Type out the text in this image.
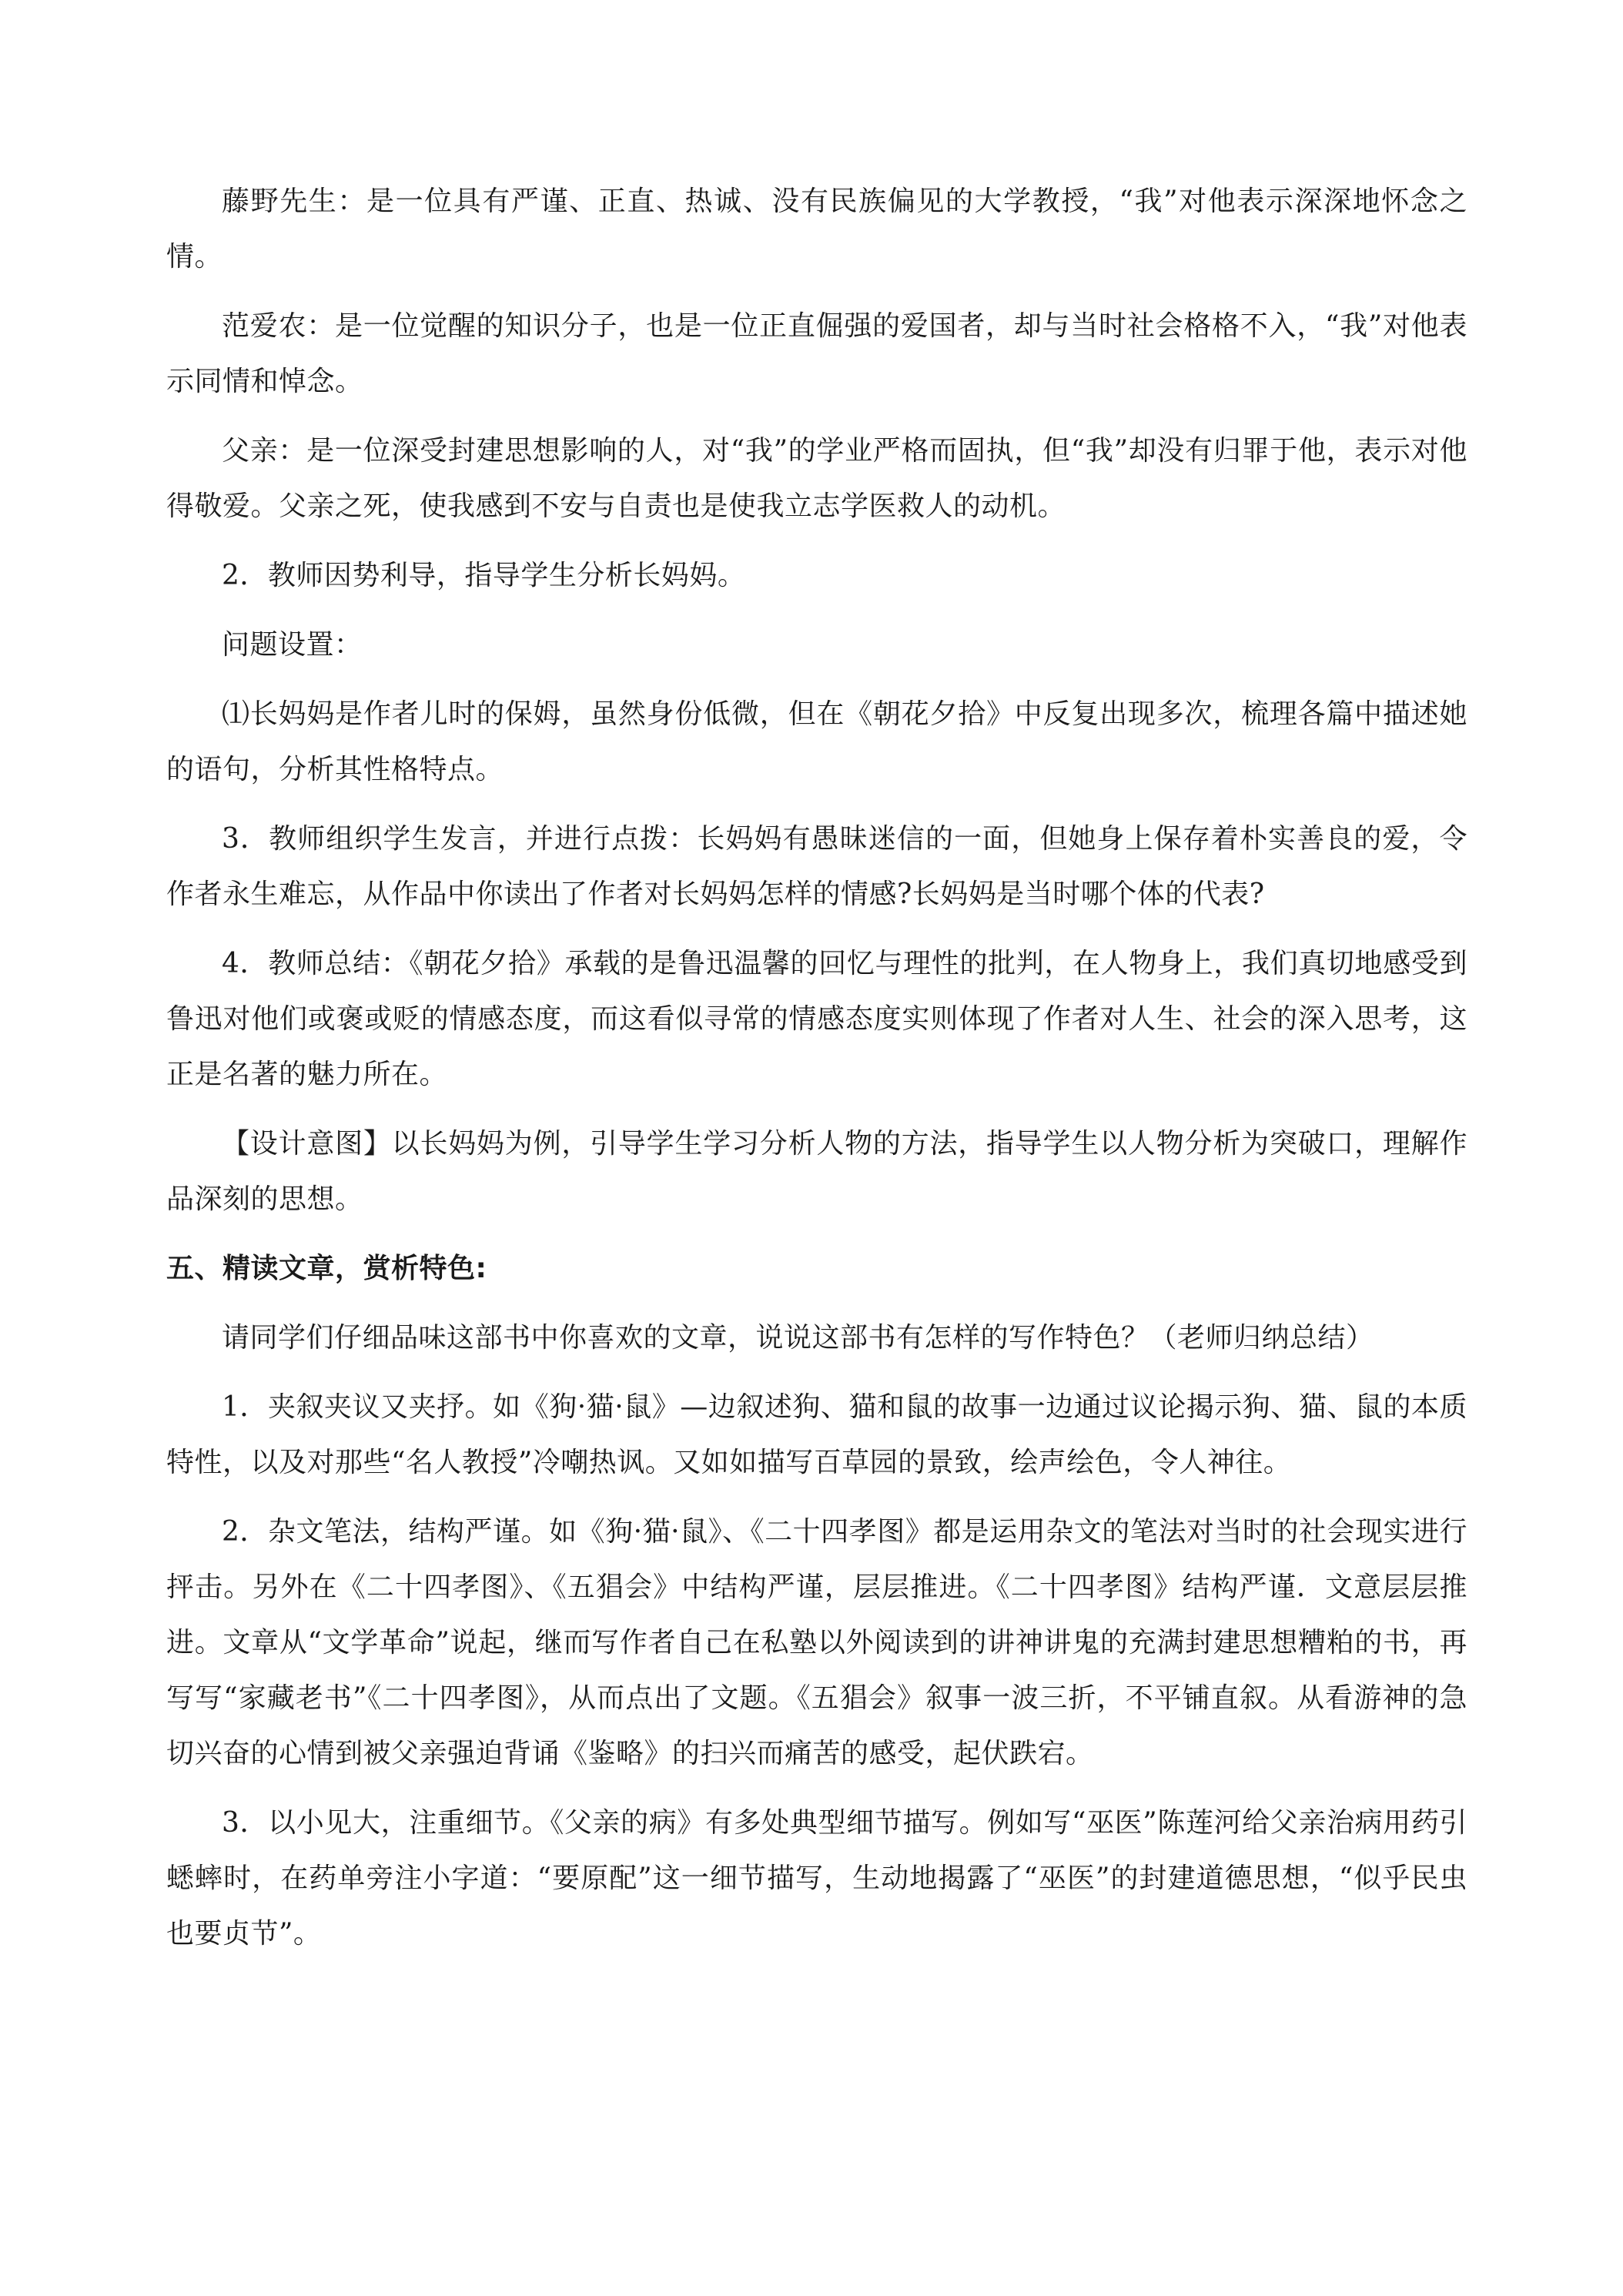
藤野先生：是一位具有严谨、正直、热诚、没有民族偏见的大学教授，“我”对他表示深深地怀念之情。

范爱农：是一位觉醒的知识分子，也是一位正直倔强的爱国者，却与当时社会格格不入，“我”对他表示同情和悼念。

父亲：是一位深受封建思想影响的人，对“我”的学业严格而固执，但“我”却没有归罪于他，表示对他得敬爱。父亲之死，使我感到不安与自责也是使我立志学医救人的动机。

2．教师因势利导，指导学生分析长妈妈。

问题设置：

⑴长妈妈是作者儿时的保姆，虽然身份低微，但在《朝花夕拾》中反复出现多次，梳理各篇中描述她的语句，分析其性格特点。

3．教师组织学生发言，并进行点拨：长妈妈有愚昧迷信的一面，但她身上保存着朴实善良的爱，令作者永生难忘，从作品中你读出了作者对长妈妈怎样的情感?长妈妈是当时哪个体的代表?

4．教师总结：《朝花夕拾》承载的是鲁迅温馨的回忆与理性的批判，在人物身上，我们真切地感受到鲁迅对他们或褒或贬的情感态度，而这看似寻常的情感态度实则体现了作者对人生、社会的深入思考，这正是名著的魅力所在。

【设计意图】以长妈妈为例，引导学生学习分析人物的方法，指导学生以人物分析为突破口，理解作品深刻的思想。

五、精读文章，赏析特色:

请同学们仔细品味这部书中你喜欢的文章，说说这部书有怎样的写作特色？（老师归纳总结）

1．夹叙夹议又夹抒。如《狗·猫·鼠》—边叙述狗、猫和鼠的故事一边通过议论揭示狗、猫、鼠的本质特性，以及对那些“名人教授”冷嘲热讽。又如如描写百草园的景致，绘声绘色，令人神往。

2．杂文笔法，结构严谨。如《狗·猫·鼠》、《二十四孝图》都是运用杂文的笔法对当时的社会现实进行抨击。另外在《二十四孝图》、《五猖会》中结构严谨，层层推进。《二十四孝图》结构严谨．文意层层推进。文章从“文学革命”说起，继而写作者自己在私塾以外阅读到的讲神讲鬼的充满封建思想糟粕的书，再写写“家藏老书”《二十四孝图》，从而点出了文题。《五猖会》叙事一波三折，不平铺直叙。从看游神的急切兴奋的心情到被父亲强迫背诵《鉴略》的扫兴而痛苦的感受，起伏跌宕。

3．以小见大，注重细节。《父亲的病》有多处典型细节描写。例如写“巫医”陈莲河给父亲治病用药引蟋蟀时，在药单旁注小字道：“要原配”这一细节描写，生动地揭露了“巫医”的封建道德思想，“似乎民虫也要贞节”。
